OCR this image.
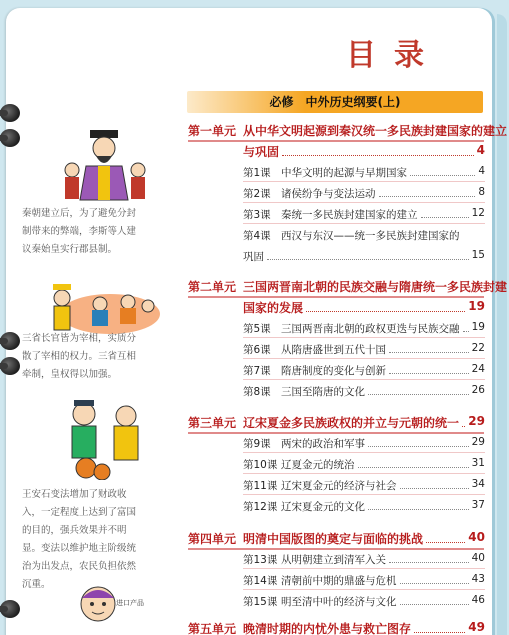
目录
必修　中外历史纲要(上)
秦朝建立后，为了避免分封制带来的弊端，李斯等人建议秦始皇实行郡县制。
三省长官皆为宰相，实质分散了宰相的权力。三省互相牵制，皇权得以加强。
王安石变法增加了财政收入，一定程度上达到了富国的目的，强兵效果并不明显。变法以维护地主阶级统治为出发点，农民负担依然沉重。
进口产品
第一单元 从中华文明起源到秦汉统一多民族封建国家的建立
与巩固	4
第1课 中华文明的起源与早期国家	4
第2课 诸侯纷争与变法运动	8
第3课 秦统一多民族封建国家的建立	12
第4课 西汉与东汉——统一多民族封建国家的
巩固	15
第二单元 三国两晋南北朝的民族交融与隋唐统一多民族封建
国家的发展	19
第5课 三国两晋南北朝的政权更迭与民族交融 19
第6课 从隋唐盛世到五代十国	22
第7课 隋唐制度的变化与创新	24
第8课 三国至隋唐的文化	26
第三单元 辽宋夏金多民族政权的并立与元朝的统一 29
第9课 两宋的政治和军事	29
第10课 辽夏金元的统治	31
第11课 辽宋夏金元的经济与社会	34
第12课 辽宋夏金元的文化	37
第四单元 明清中国版图的奠定与面临的挑战	40
第13课 从明朝建立到清军入关	40
第14课 清朝前中期的鼎盛与危机	43
第15课 明至清中叶的经济与文化	46
第五单元 晚清时期的内忧外患与救亡图存	49
